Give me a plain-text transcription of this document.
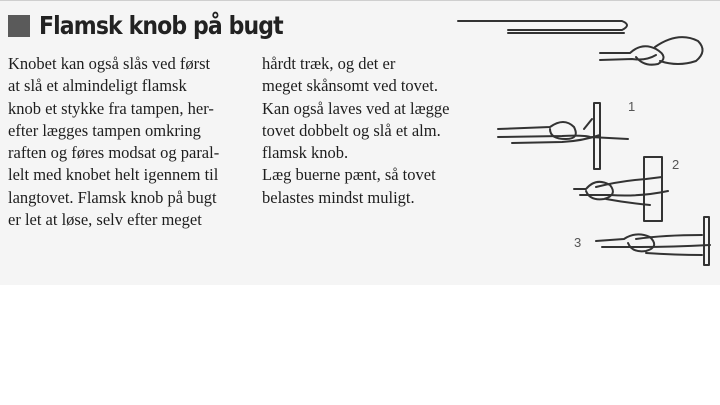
Flamsk knob på bugt
Knobet kan også slås ved først
at slå et almindeligt flamsk
knob et stykke fra tampen, her-
efter lægges tampen omkring
raften og føres modsat og paral-
lelt med knobet helt igennem til
langtovet. Flamsk knob på bugt
er let at løse, selv efter meget
hårdt træk, og det er
meget skånsomt ved tovet.
Kan også laves ved at lægge
tovet dobbelt og slå et alm.
flamsk knob.
Læg buerne pænt, så tovet
belastes mindst muligt.
1
2
3
